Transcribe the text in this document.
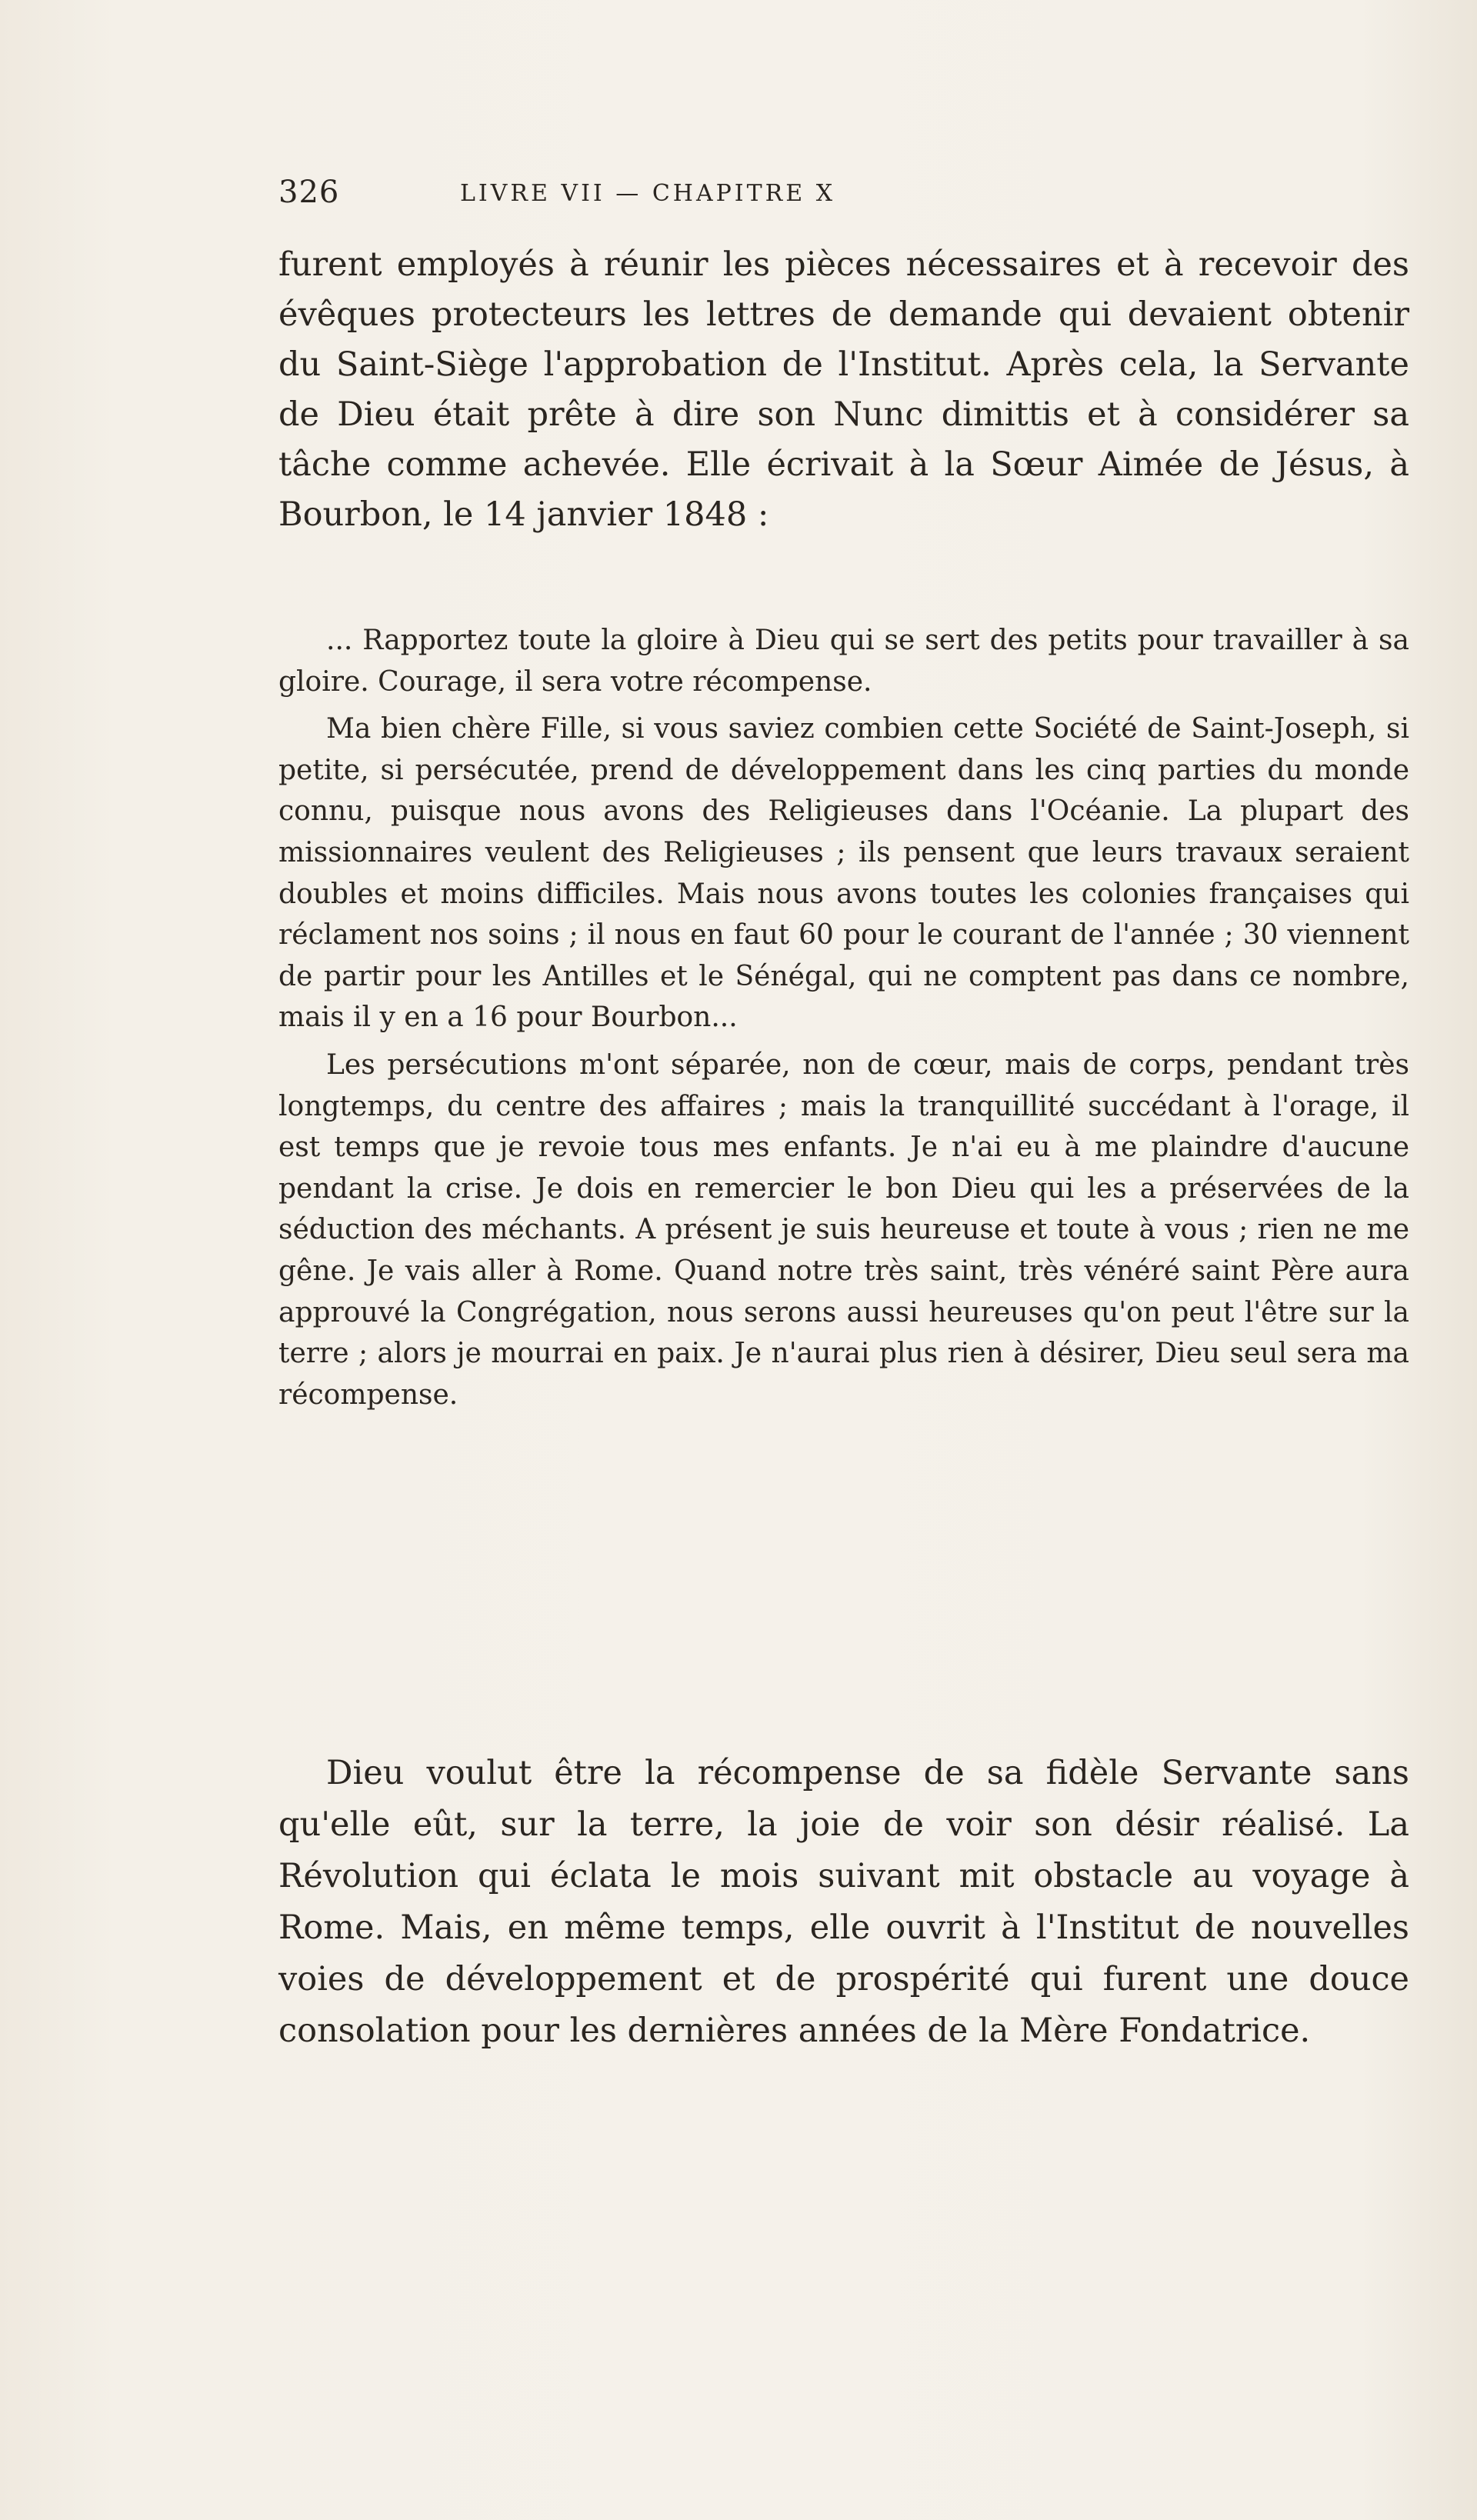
326	LIVRE VII — CHAPITRE X

furent employés à réunir les pièces nécessaires et à recevoir des évêques protecteurs les lettres de demande qui devaient obtenir du Saint-Siège l'approbation de l'Institut. Après cela, la Servante de Dieu était prête à dire son Nunc dimittis et à considérer sa tâche comme achevée. Elle écrivait à la Sœur Aimée de Jésus, à Bourbon, le 14 janvier 1848 :

... Rapportez toute la gloire à Dieu qui se sert des petits pour travailler à sa gloire. Courage, il sera votre récompense.

Ma bien chère Fille, si vous saviez combien cette Société de Saint-Joseph, si petite, si persécutée, prend de développement dans les cinq parties du monde connu, puisque nous avons des Religieuses dans l'Océanie. La plupart des missionnaires veulent des Religieuses ; ils pensent que leurs travaux seraient doubles et moins difficiles. Mais nous avons toutes les colonies françaises qui réclament nos soins ; il nous en faut 60 pour le courant de l'année ; 30 viennent de partir pour les Antilles et le Sénégal, qui ne comptent pas dans ce nombre, mais il y en a 16 pour Bourbon...

Les persécutions m'ont séparée, non de cœur, mais de corps, pendant très longtemps, du centre des affaires ; mais la tranquillité succédant à l'orage, il est temps que je revoie tous mes enfants. Je n'ai eu à me plaindre d'aucune pendant la crise. Je dois en remercier le bon Dieu qui les a préservées de la séduction des méchants. A présent je suis heureuse et toute à vous ; rien ne me gêne. Je vais aller à Rome. Quand notre très saint, très vénéré saint Père aura approuvé la Congrégation, nous serons aussi heureuses qu'on peut l'être sur la terre ; alors je mourrai en paix. Je n'aurai plus rien à désirer, Dieu seul sera ma récompense.

Dieu voulut être la récompense de sa fidèle Servante sans qu'elle eût, sur la terre, la joie de voir son désir réalisé. La Révolution qui éclata le mois suivant mit obstacle au voyage à Rome. Mais, en même temps, elle ouvrit à l'Institut de nouvelles voies de développement et de prospérité qui furent une douce consolation pour les dernières années de la Mère Fondatrice.
